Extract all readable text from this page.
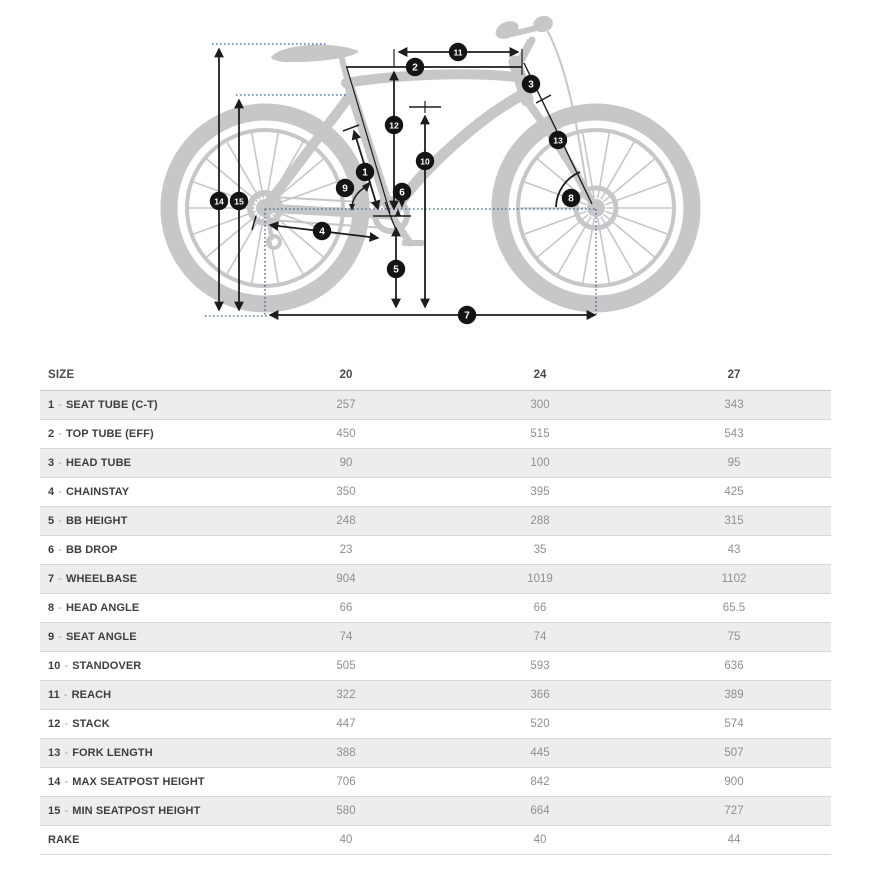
1
2
3
4
5
6
7
8
9
10
11
12
13
14 15
SIZE	20	24	27
1 - SEAT TUBE (C-T)	257	300	343
2 - TOP TUBE (EFF)	450	515	543
3 - HEAD TUBE	90	100	95
4 - CHAINSTAY	350	395	425
5 - BB HEIGHT	248	288	315
6 - BB DROP	23	35	43
7 - WHEELBASE	904	1019	1102
8 - HEAD ANGLE	66	66	65.5
9 - SEAT ANGLE	74	74	75
10 - STANDOVER	505	593	636
11 - REACH	322	366	389
12 - STACK	447	520	574
13 - FORK LENGTH	388	445	507
14 - MAX SEATPOST HEIGHT	706	842	900
15 - MIN SEATPOST HEIGHT	580	664	727
RAKE	40	40	44
